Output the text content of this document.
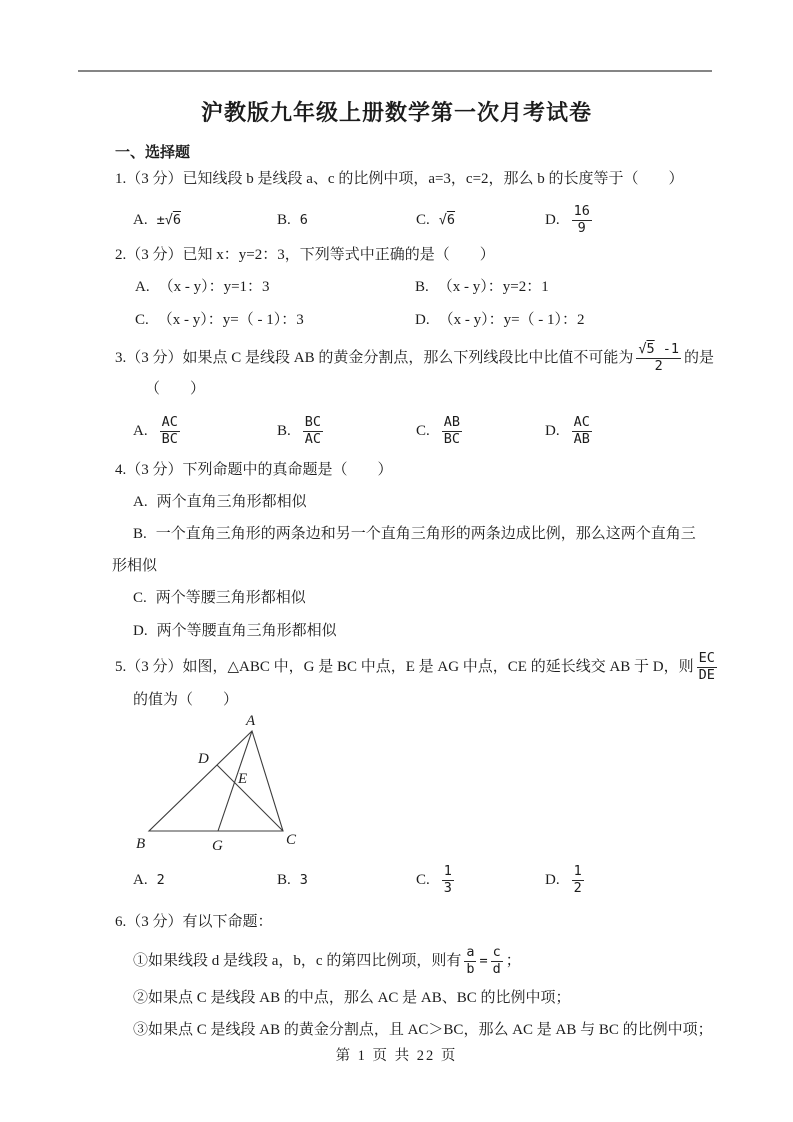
沪教版九年级上册数学第一次月考试卷
一、选择题
1.（3 分）已知线段 b 是线段 a、c 的比例中项，a=3，c=2，那么 b 的长度等于（　　）
A. ±√6	B. 6	C. √6	D. $\frac{16}{9}$
2.（3 分）已知 x：y=2：3，下列等式中正确的是（　　）
A. （x - y）：y=1：3	B. （x - y）：y=2：1
C. （x - y）：y=（ - 1）：3	D. （x - y）：y=（ - 1）：2
3.（3 分）如果点 C 是线段 AB 的黄金分割点，那么下列线段比中比值不可能为 $\frac{√5 -1}{2}$ 的是
（　　）
A. $\frac{AC}{BC}$	B. $\frac{BC}{AC}$	C. $\frac{AB}{BC}$	D. $\frac{AC}{AB}$
4.（3 分）下列命题中的真命题是（　　）
A. 两个直角三角形都相似
B. 一个直角三角形的两条边和另一个直角三角形的两条边成比例，那么这两个直角三
形相似
C. 两个等腰三角形都相似
D. 两个等腰直角三角形都相似
5.（3 分）如图，△ABC 中，G 是 BC 中点，E 是 AG 中点，CE 的延长线交 AB 于 D，则 $\frac{EC}{DE}$
的值为（　　）
A
B	C
D
E
G
A. 2	B. 3	C. $\frac{1}{3}$	D. $\frac{1}{2}$
6.（3 分）有以下命题：
①如果线段 d 是线段 a，b，c 的第四比例项，则有 $\frac{a}{b} = \frac{c}{d}$ ；
②如果点 C 是线段 AB 的中点，那么 AC 是 AB、BC 的比例中项；
③如果点 C 是线段 AB 的黄金分割点，且 AC＞BC，那么 AC 是 AB 与 BC 的比例中项；
第 1 页 共 22 页
